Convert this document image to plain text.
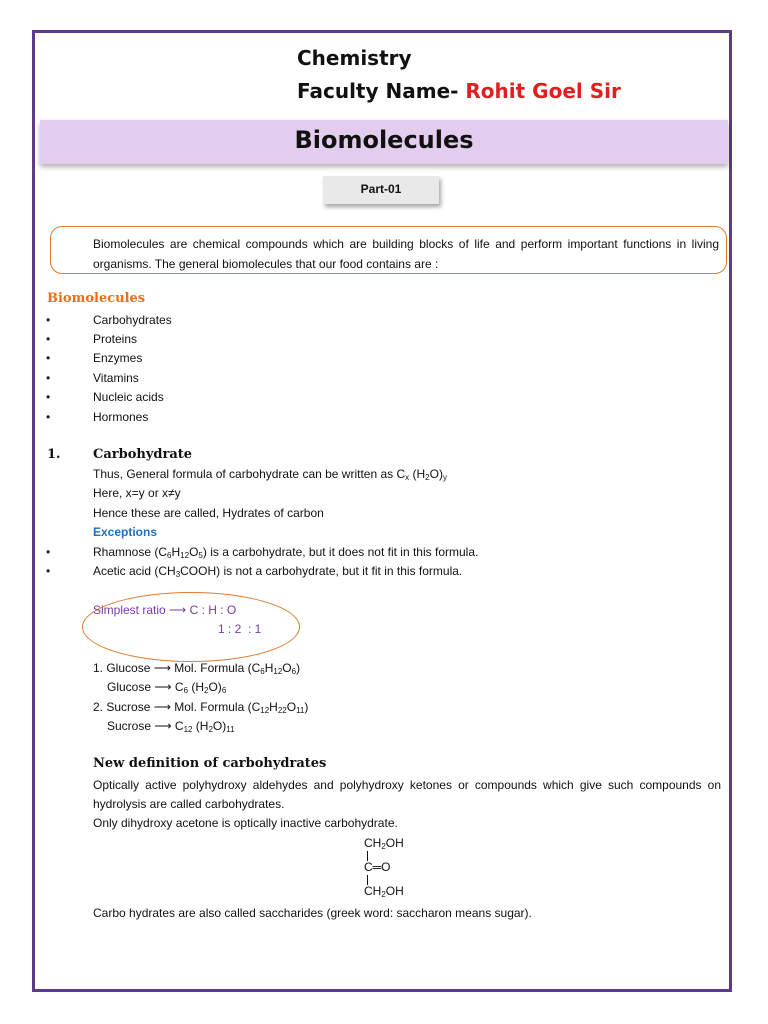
Chemistry
Faculty Name- Rohit Goel Sir
Biomolecules
Part-01
Biomolecules are chemical compounds which are building blocks of life and perform important functions in living organisms. The general biomolecules that our food contains are :
Biomolecules
•	Carbohydrates
•	Proteins
•	Enzymes
•	Vitamins
•	Nucleic acids
•	Hormones
1. Carbohydrate
Thus, General formula of carbohydrate can be written as $C_x$ $(H_2O)_y$
Here, x=y or x≠y
Hence these are called, Hydrates of carbon
Exceptions
•	Rhamnose $(C_6H_{12}O_5)$ is a carbohydrate, but it does not fit in this formula.
•	Acetic acid $(CH_3COOH)$ is not a carbohydrate, but it fit in this formula.
Simplest ratio ⟶ C : H : O
1 : 2  : 1
1. Glucose ⟶ Mol. Formula $(C_6H_{12}O_6)$
Glucose ⟶ $C_6$ $(H_2O)_6$
2. Sucrose ⟶ Mol. Formula $(C_{12}H_{22}O_{11})$
Sucrose ⟶ $C_{12}$ $(H_2O)_{11}$
New definition of carbohydrates
Optically active polyhydroxy aldehydes and polyhydroxy ketones or compounds which give such compounds on hydrolysis are called carbohydrates.
Only dihydroxy acetone is optically inactive carbohydrate.
$CH_2OH$
C═O
$CH_2OH$
Carbo hydrates are also called saccharides (greek word: saccharon means sugar).
